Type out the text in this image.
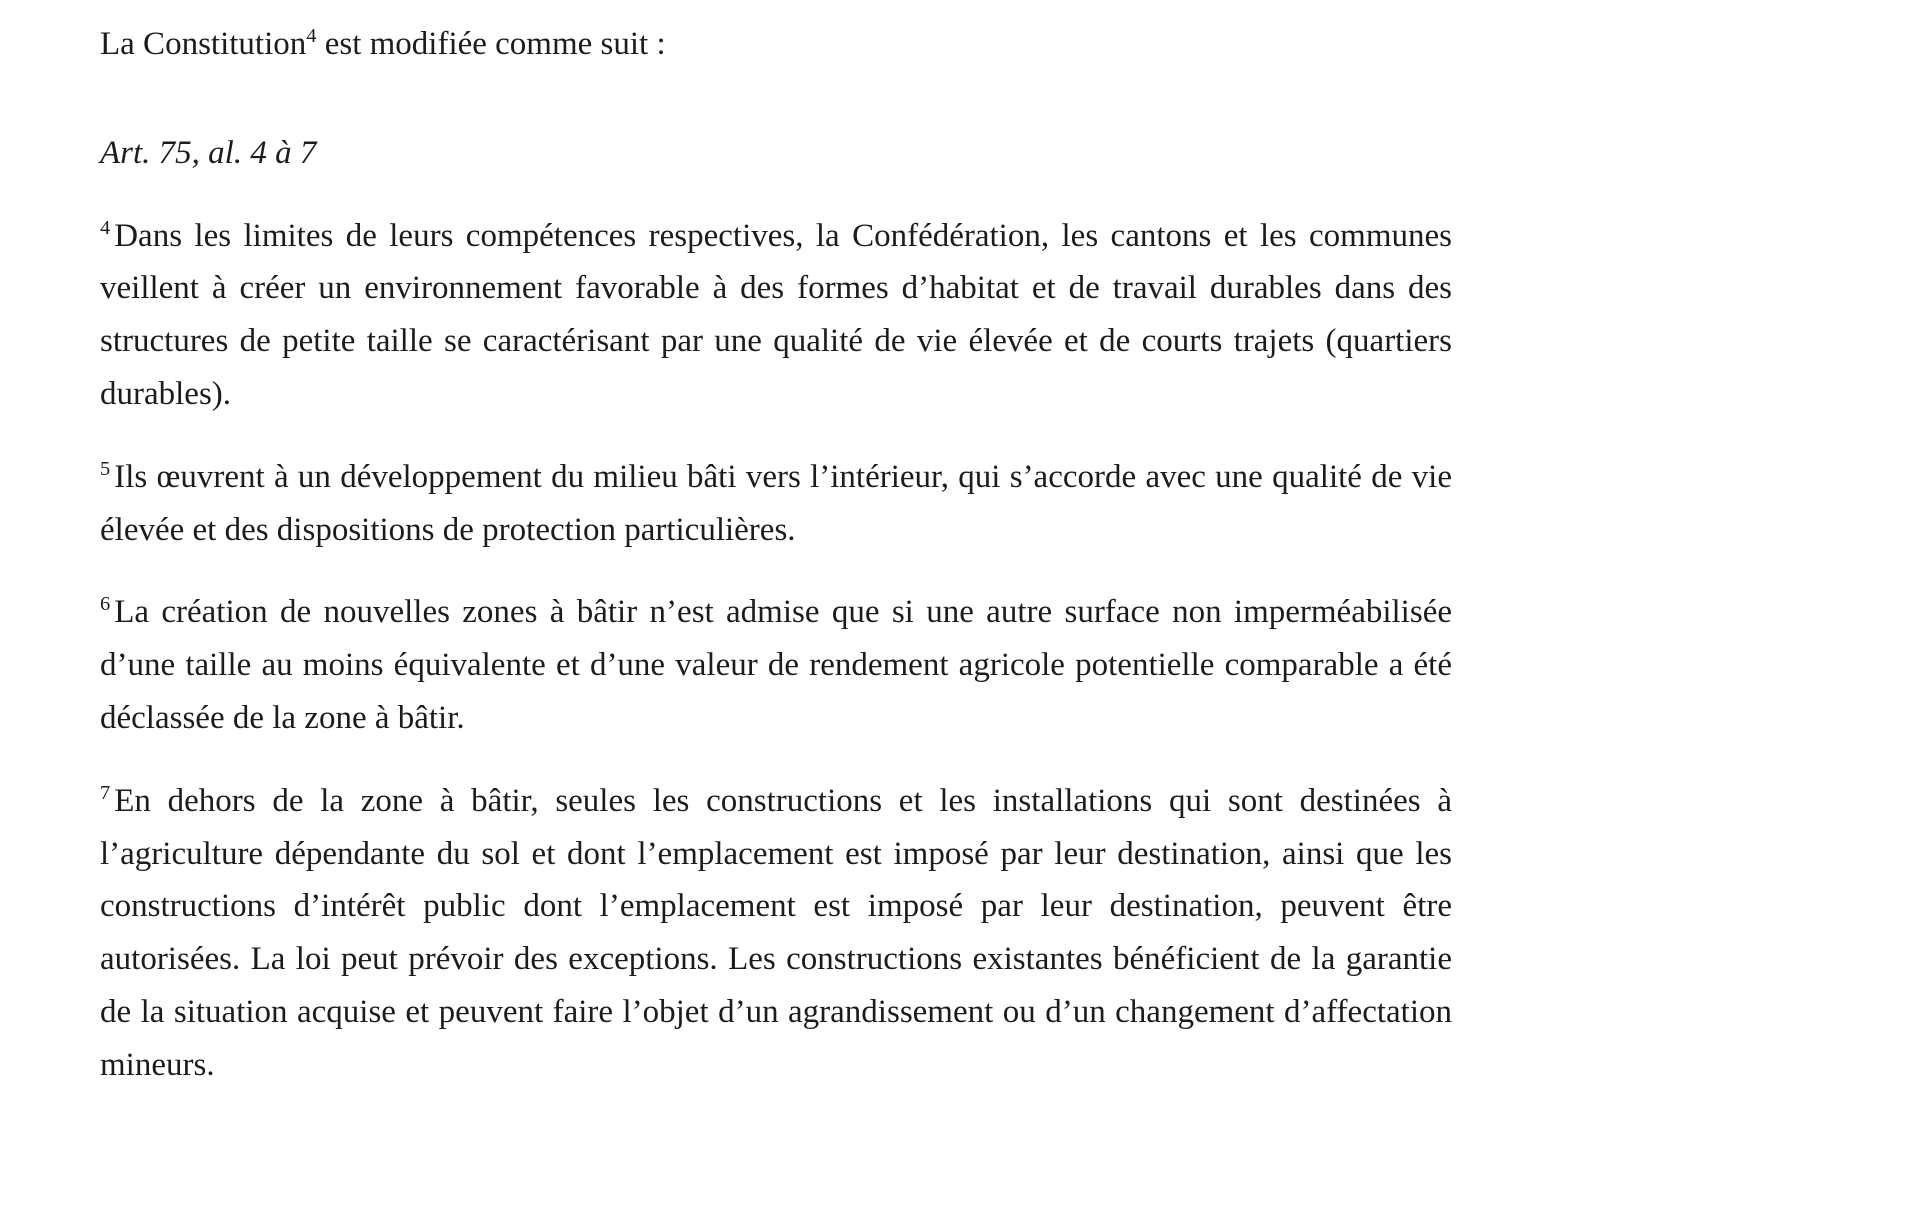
La Constitution$^4$ est modifiée comme suit :

Art. 75, al. 4 à 7

$^4$ Dans les limites de leurs compétences respectives, la Confédération, les cantons et les communes veillent à créer un environnement favorable à des formes d’habitat et de travail durables dans des structures de petite taille se caractérisant par une qualité de vie élevée et de courts trajets (quartiers durables).

$^5$ Ils œuvrent à un développement du milieu bâti vers l’intérieur, qui s’accorde avec une qualité de vie élevée et des dispositions de protection particulières.

$^6$ La création de nouvelles zones à bâtir n’est admise que si une autre surface non imperméabilisée d’une taille au moins équivalente et d’une valeur de rendement agricole potentielle comparable a été déclassée de la zone à bâtir.

$^7$ En dehors de la zone à bâtir, seules les constructions et les installations qui sont destinées à l’agriculture dépendante du sol et dont l’emplacement est imposé par leur destination, ainsi que les constructions d’intérêt public dont l’emplacement est imposé par leur destination, peuvent être autorisées. La loi peut prévoir des exceptions. Les constructions existantes bénéficient de la garantie de la situation acquise et peuvent faire l’objet d’un agrandissement ou d’un changement d’affectation mineurs.
